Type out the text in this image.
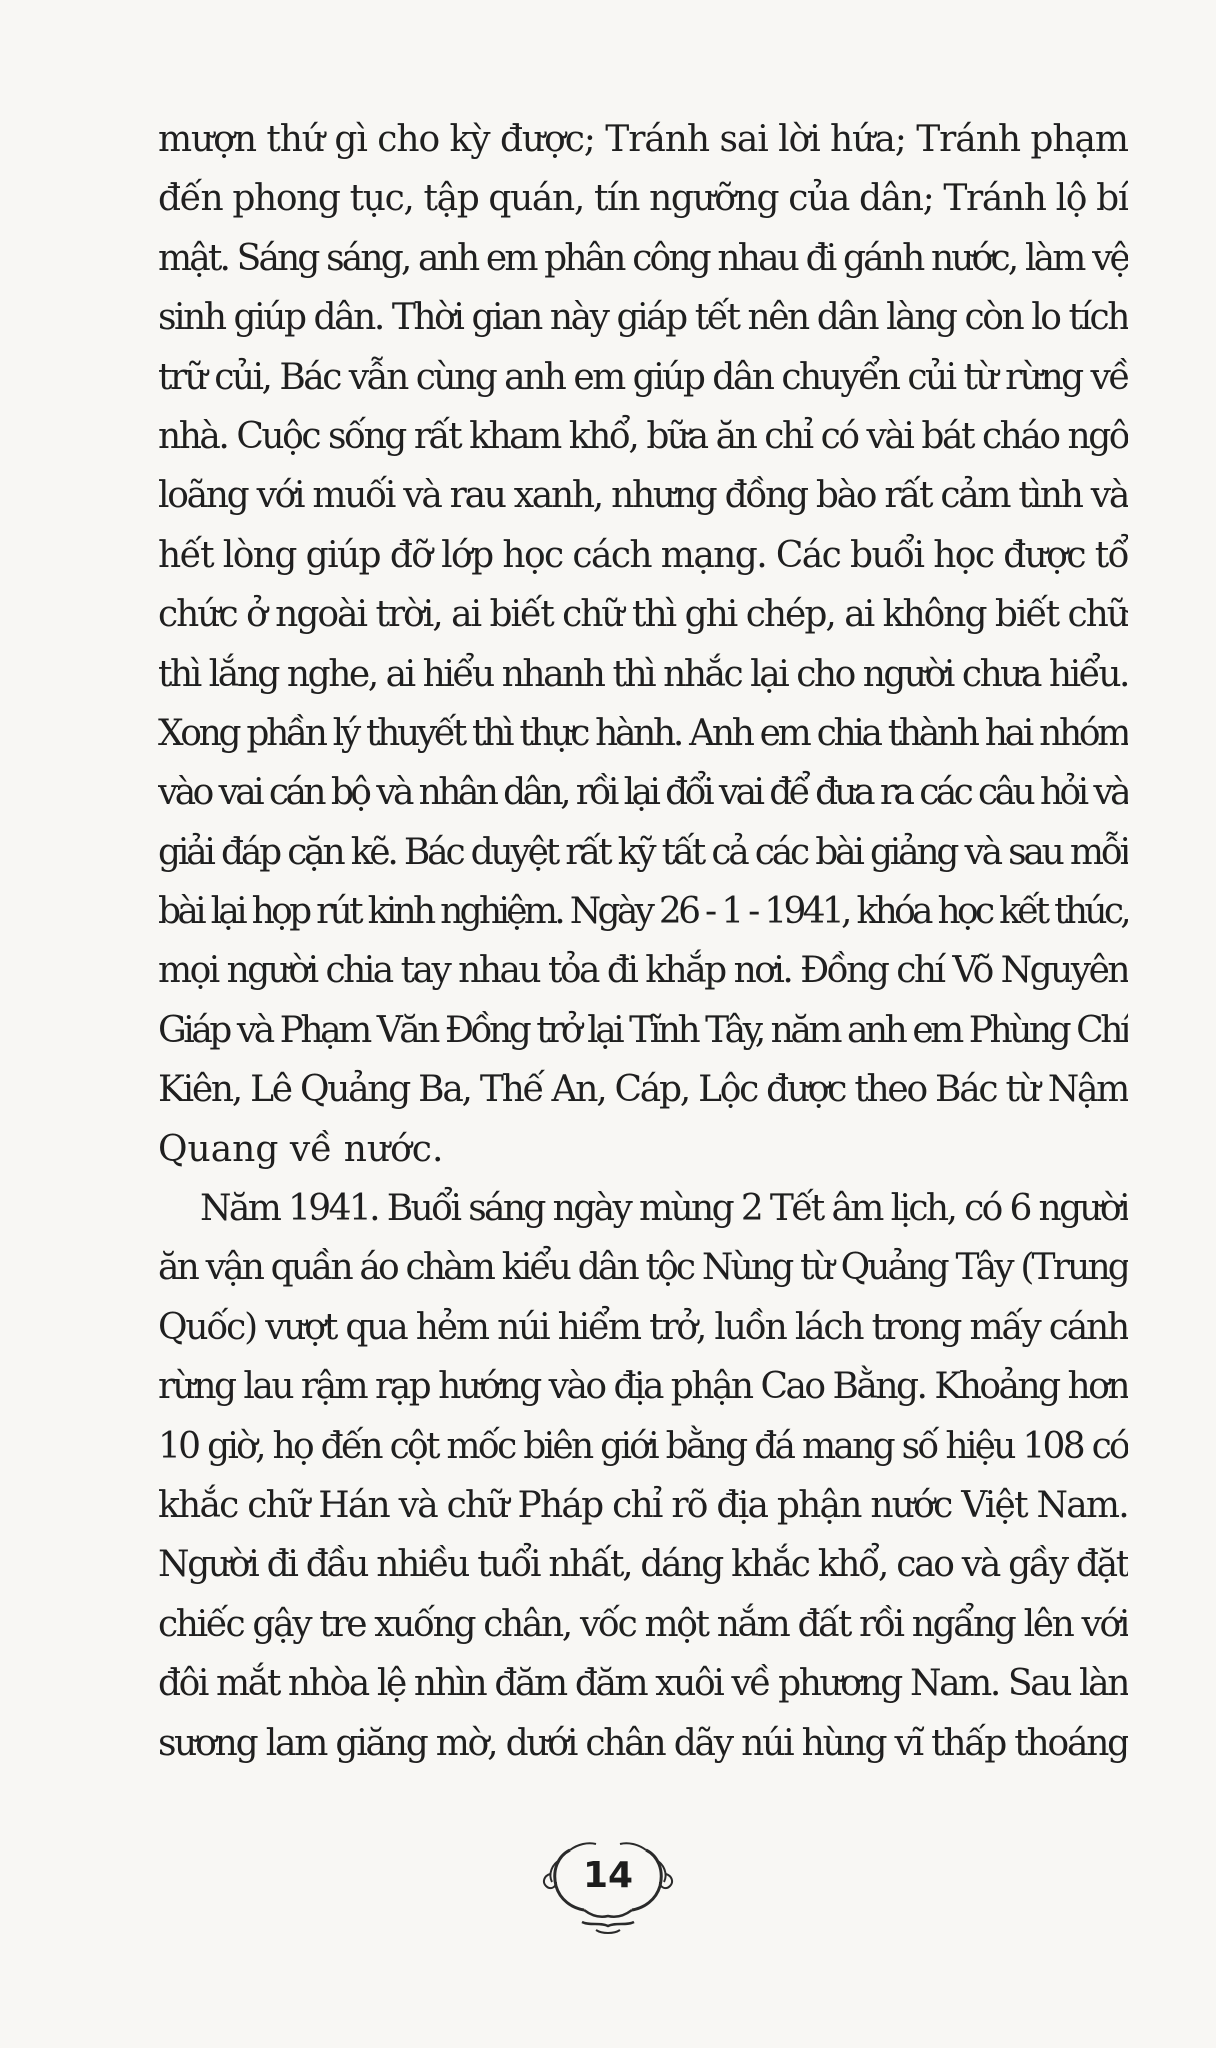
mượn thứ gì cho kỳ được; Tránh sai lời hứa; Tránh phạm
đến phong tục, tập quán, tín ngưỡng của dân; Tránh lộ bí
mật. Sáng sáng, anh em phân công nhau đi gánh nước, làm vệ
sinh giúp dân. Thời gian này giáp tết nên dân làng còn lo tích
trữ củi, Bác vẫn cùng anh em giúp dân chuyển củi từ rừng về
nhà. Cuộc sống rất kham khổ, bữa ăn chỉ có vài bát cháo ngô
loãng với muối và rau xanh, nhưng đồng bào rất cảm tình và
hết lòng giúp đỡ lớp học cách mạng. Các buổi học được tổ
chức ở ngoài trời, ai biết chữ thì ghi chép, ai không biết chữ
thì lắng nghe, ai hiểu nhanh thì nhắc lại cho người chưa hiểu.
Xong phần lý thuyết thì thực hành. Anh em chia thành hai nhóm
vào vai cán bộ và nhân dân, rồi lại đổi vai để đưa ra các câu hỏi và
giải đáp cặn kẽ. Bác duyệt rất kỹ tất cả các bài giảng và sau mỗi
bài lại họp rút kinh nghiệm. Ngày 26 - 1 - 1941, khóa học kết thúc,
mọi người chia tay nhau tỏa đi khắp nơi. Đồng chí Võ Nguyên
Giáp và Phạm Văn Đồng trở lại Tĩnh Tây, năm anh em Phùng Chí
Kiên, Lê Quảng Ba, Thế An, Cáp, Lộc được theo Bác từ Nậm
Quang về nước.
Năm 1941. Buổi sáng ngày mùng 2 Tết âm lịch, có 6 người
ăn vận quần áo chàm kiểu dân tộc Nùng từ Quảng Tây (Trung
Quốc) vượt qua hẻm núi hiểm trở, luồn lách trong mấy cánh
rừng lau rậm rạp hướng vào địa phận Cao Bằng. Khoảng hơn
10 giờ, họ đến cột mốc biên giới bằng đá mang số hiệu 108 có
khắc chữ Hán và chữ Pháp chỉ rõ địa phận nước Việt Nam.
Người đi đầu nhiều tuổi nhất, dáng khắc khổ, cao và gầy đặt
chiếc gậy tre xuống chân, vốc một nắm đất rồi ngẩng lên với
đôi mắt nhòa lệ nhìn đăm đăm xuôi về phương Nam. Sau làn
sương lam giăng mờ, dưới chân dãy núi hùng vĩ thấp thoáng
14
